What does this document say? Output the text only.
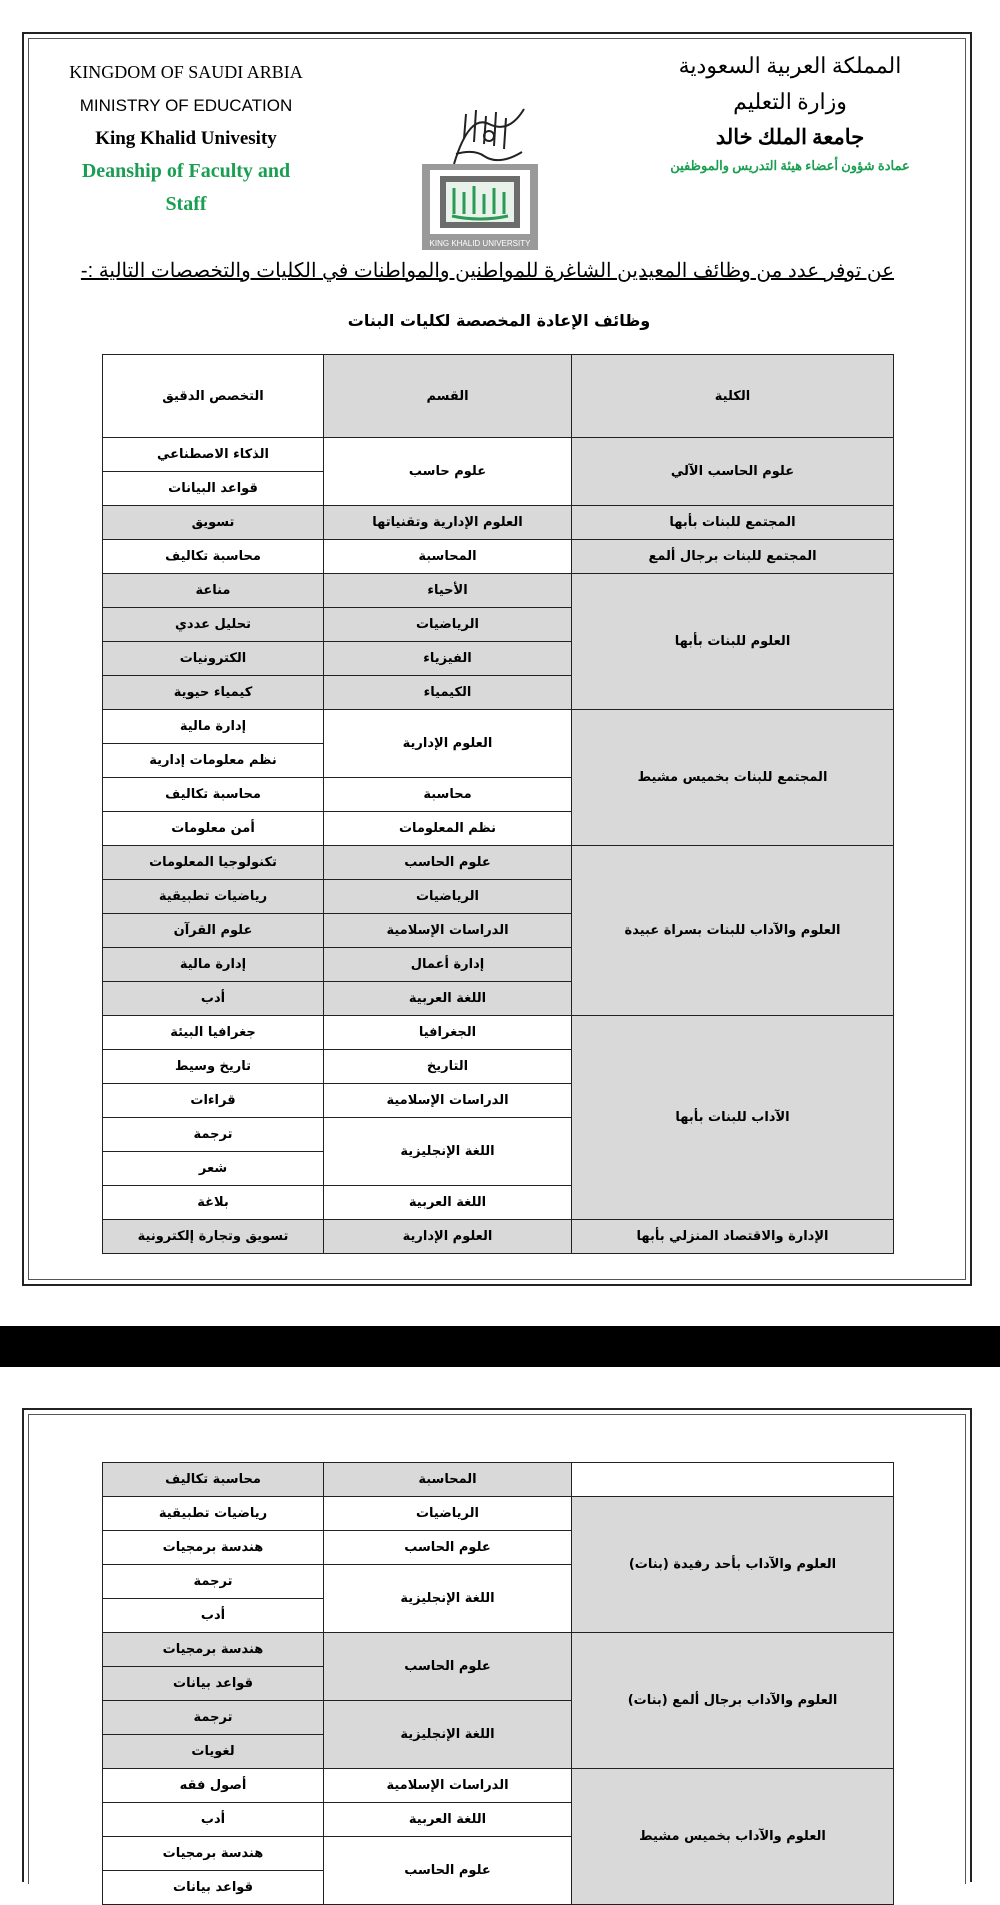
KINGDOM OF SAUDI ARBIA
MINISTRY OF EDUCATION
King Khalid Univesity
Deanship of Faculty and Staff
KING KHALID UNIVERSITY
المملكة العربية السعودية
وزارة التعليم
جامعة الملك خالد
عمادة شؤون أعضاء هيئة التدريس والموظفين
عن توفر عدد من وظائف المعيدين الشاغرة للمواطنين والمواطنات في الكليات والتخصصات التالية :-
وظائف الإعادة المخصصة لكليات البنات
الكلية	القسم	التخصص الدقيق
علوم الحاسب الآلي	علوم حاسب	الذكاء الاصطناعي
		قواعد البيانات
المجتمع للبنات بأبها	العلوم الإدارية وتقنياتها	تسويق
المجتمع للبنات برجال ألمع	المحاسبة	محاسبة تكاليف
العلوم للبنات بأبها	الأحياء	مناعة
	الرياضيات	تحليل عددي
	الفيزياء	الكترونيات
	الكيمياء	كيمياء حيوية
المجتمع للبنات بخميس مشيط	العلوم الإدارية	إدارة مالية
		نظم معلومات إدارية
	محاسبة	محاسبة تكاليف
	نظم المعلومات	أمن معلومات
العلوم والآداب للبنات بسراة عبيدة	علوم الحاسب	تكنولوجيا المعلومات
	الرياضيات	رياضيات تطبيقية
	الدراسات الإسلامية	علوم القرآن
	إدارة أعمال	إدارة مالية
	اللغة العربية	أدب
الآداب للبنات بأبها	الجغرافيا	جغرافيا البيئة
	التاريخ	تاريخ وسيط
	الدراسات الإسلامية	قراءات
	اللغة الإنجليزية	ترجمة
		شعر
	اللغة العربية	بلاغة
الإدارة والاقتصاد المنزلي بأبها	العلوم الإدارية	تسويق وتجارة إلكترونية
	المحاسبة	محاسبة تكاليف
العلوم والآداب بأحد رفيدة (بنات)	الرياضيات	رياضيات تطبيقية
	علوم الحاسب	هندسة برمجيات
	اللغة الإنجليزية	ترجمة
		أدب
العلوم والآداب برجال ألمع (بنات)	علوم الحاسب	هندسة برمجيات
		قواعد بيانات
	اللغة الإنجليزية	ترجمة
		لغويات
العلوم والآداب بخميس مشيط	الدراسات الإسلامية	أصول فقه
	اللغة العربية	أدب
	علوم الحاسب	هندسة برمجيات
		قواعد بيانات
